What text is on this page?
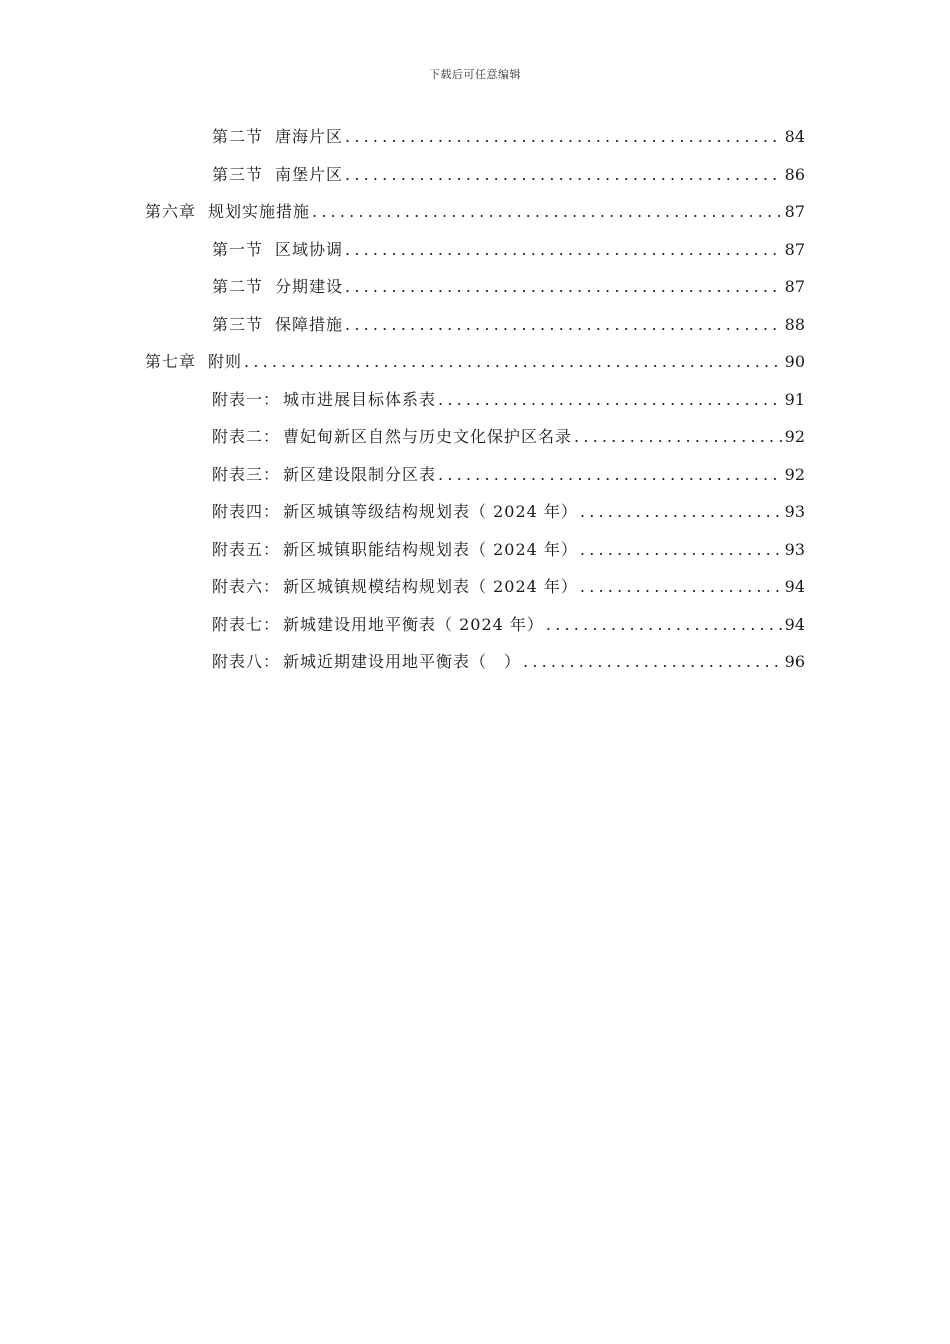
下载后可任意编辑
第二节 唐海片区 .....	84
第三节 南堡片区 .....	86
第六章 规划实施措施 .....	87
第一节 区域协调 .....	87
第二节 分期建设 .....	87
第三节 保障措施 .....	88
第七章 附则 .....	90
附表一 ： 城市进展目标体系表 .....	91
附表二 ： 曹妃甸新区自然与历史文化保护区名录 .....	92
附表三 ： 新区建设限制分区表 .....	92
附表四 ： 新区城镇等级结构规划表（ 2024 年） .....	93
附表五 ： 新区城镇职能结构规划表（ 2024 年） .....	93
附表六 ： 新区城镇规模结构规划表（ 2024 年） .....	94
附表七 ： 新城建设用地平衡表（ 2024 年） .....	94
附表八 ： 新城近期建设用地平衡表（　） .....	96
